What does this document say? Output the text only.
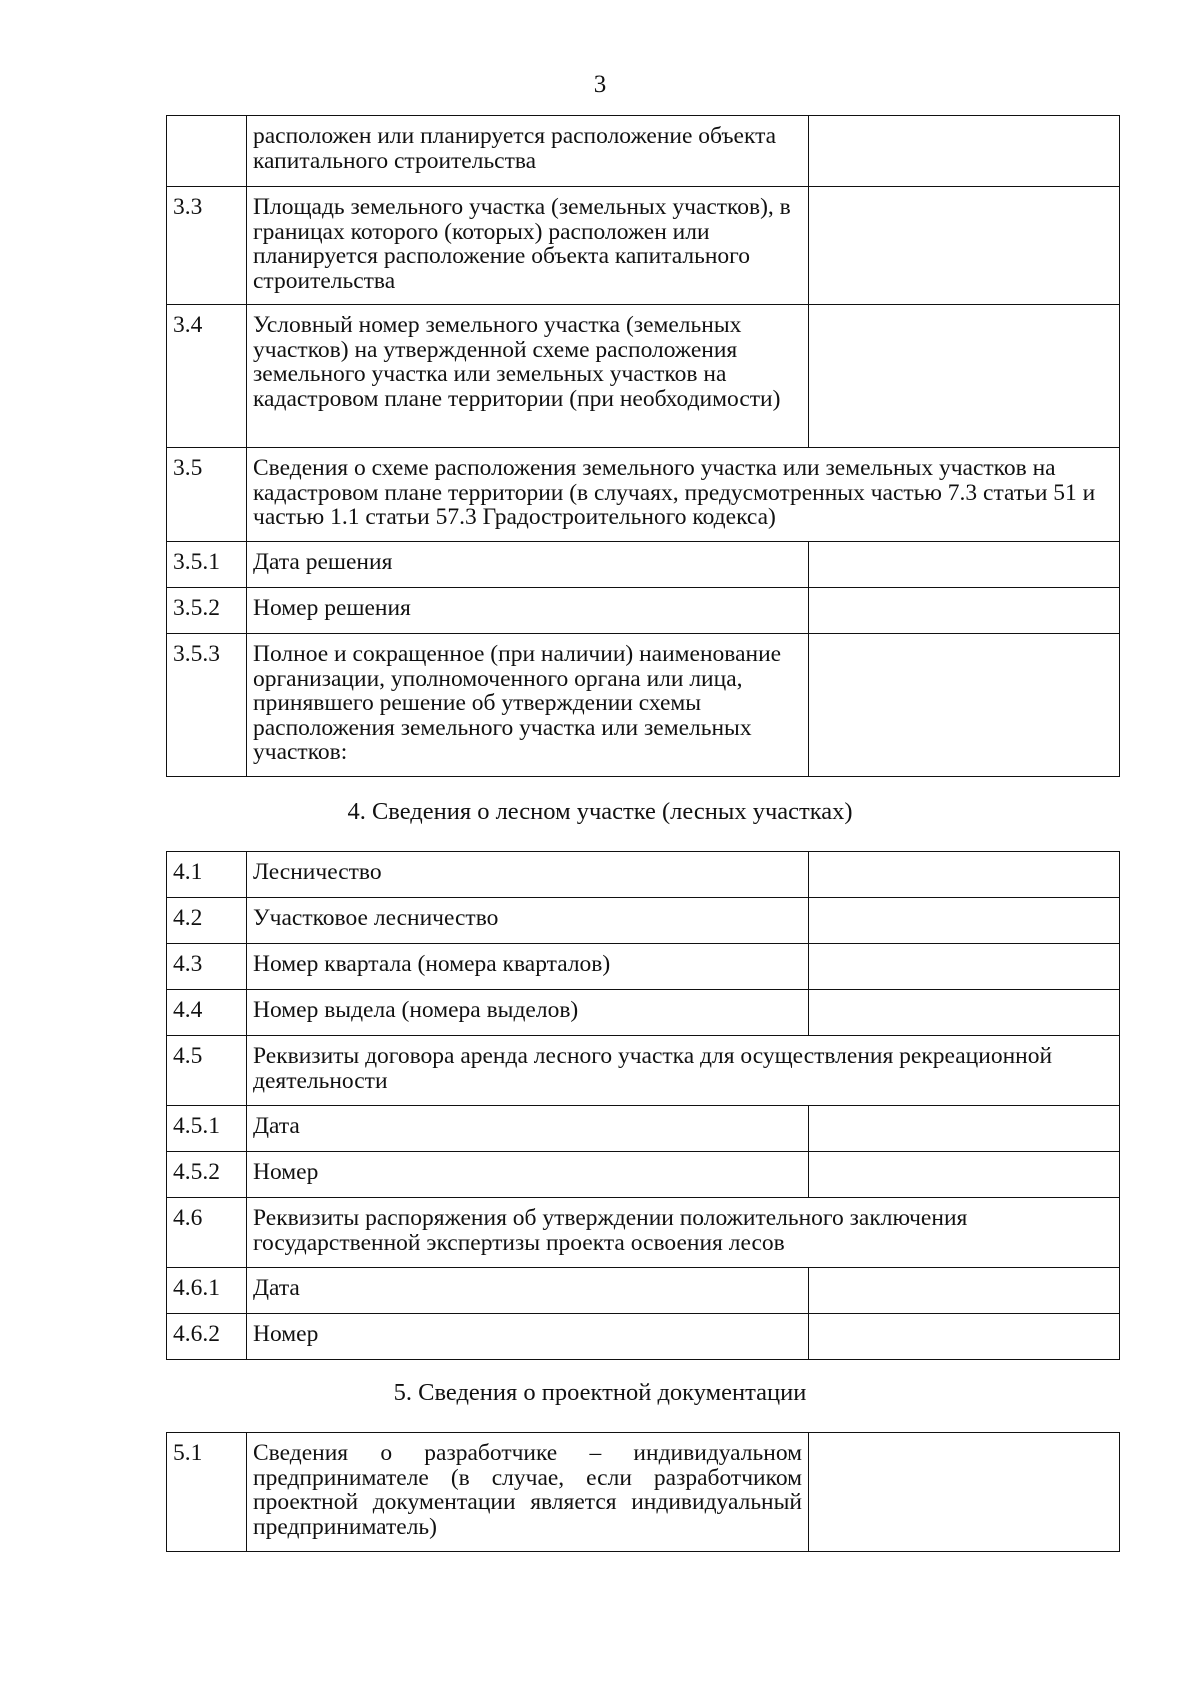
3
	расположен или планируется расположение объекта капитального строительства	
3.3	Площадь земельного участка (земельных участков), в границах которого (которых) расположен или планируется расположение объекта капитального строительства	
3.4	Условный номер земельного участка (земельных участков) на утвержденной схеме расположения земельного участка или земельных участков на кадастровом плане территории (при необходимости)	
3.5	Сведения о схеме расположения земельного участка или земельных участков на кадастровом плане территории (в случаях, предусмотренных частью 7.3 статьи 51 и частью 1.1 статьи 57.3 Градостроительного кодекса)	
3.5.1	Дата решения	
3.5.2	Номер решения	
3.5.3	Полное и сокращенное (при наличии) наименование организации, уполномоченного органа или лица, принявшего решение об утверждении схемы расположения земельного участка или земельных участков:	
4. Сведения о лесном участке (лесных участках)
4.1	Лесничество	
4.2	Участковое лесничество	
4.3	Номер квартала (номера кварталов)	
4.4	Номер выдела (номера выделов)	
4.5	Реквизиты договора аренда лесного участка для осуществления рекреационной деятельности	
4.5.1	Дата	
4.5.2	Номер	
4.6	Реквизиты распоряжения об утверждении положительного заключения государственной экспертизы проекта освоения лесов	
4.6.1	Дата	
4.6.2	Номер	
5. Сведения о проектной документации
5.1	Сведения о разработчике – индивидуальном предпринимателе (в случае, если разработчиком проектной документации является индивидуальный предприниматель)	
